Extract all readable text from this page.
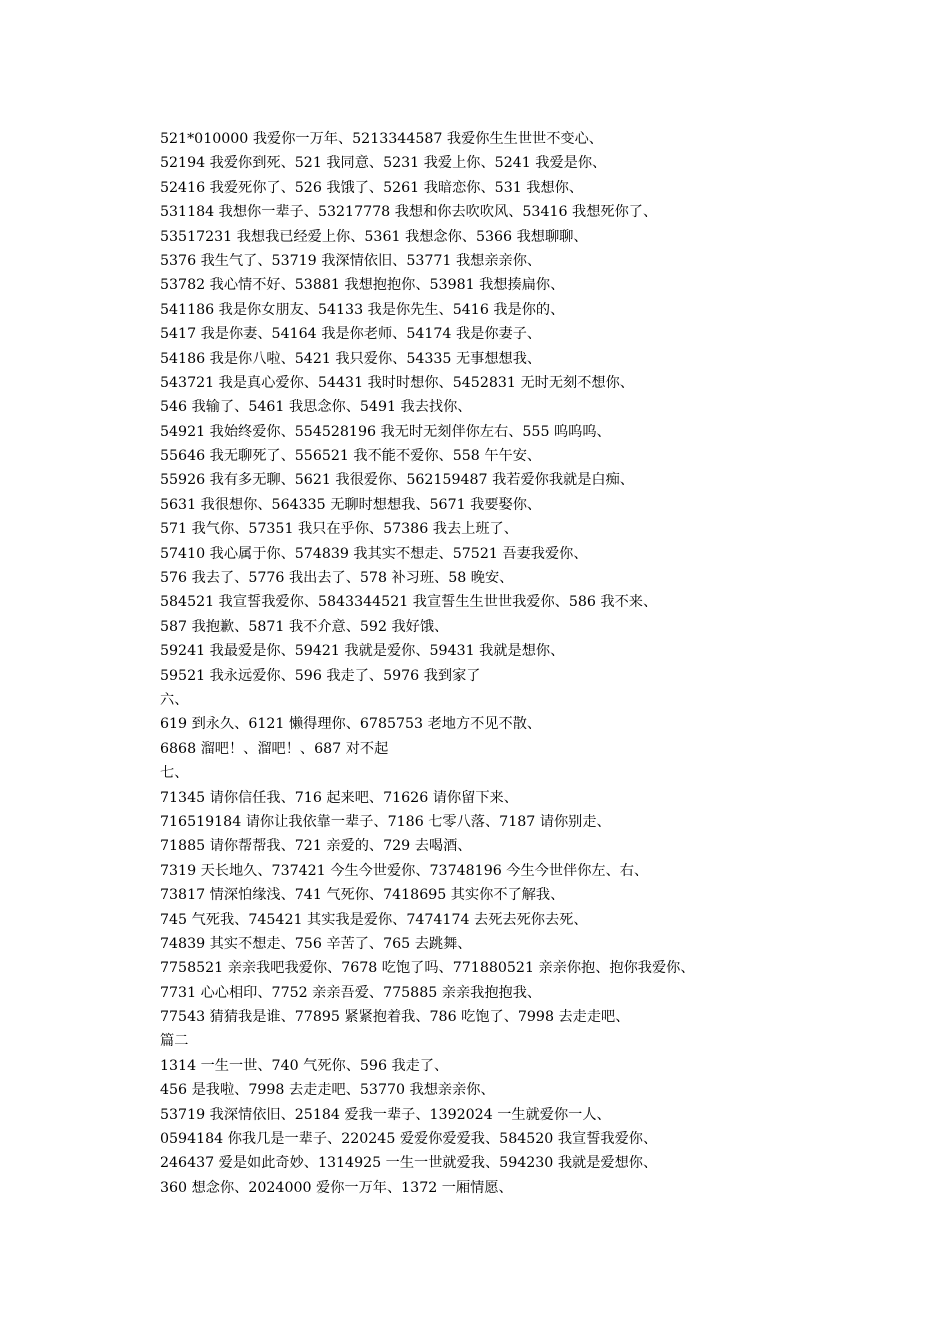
521*010000 我爱你一万年、5213344587 我爱你生生世世不变心、
52194 我爱你到死、521 我同意、5231 我爱上你、5241 我爱是你、
52416 我爱死你了、526 我饿了、5261 我暗恋你、531 我想你、
531184 我想你一辈子、53217778 我想和你去吹吹风、53416 我想死你了、
53517231 我想我已经爱上你、5361 我想念你、5366 我想聊聊、
5376 我生气了、53719 我深情依旧、53771 我想亲亲你、
53782 我心情不好、53881 我想抱抱你、53981 我想揍扁你、
541186 我是你女朋友、54133 我是你先生、5416 我是你的、
5417 我是你妻、54164 我是你老师、54174 我是你妻子、
54186 我是你八啦、5421 我只爱你、54335 无事想想我、
543721 我是真心爱你、54431 我时时想你、5452831 无时无刻不想你、
546 我输了、5461 我思念你、5491 我去找你、
54921 我始终爱你、554528196 我无时无刻伴你左右、555 呜呜呜、
55646 我无聊死了、556521 我不能不爱你、558 午午安、
55926 我有多无聊、5621 我很爱你、562159487 我若爱你我就是白痴、
5631 我很想你、564335 无聊时想想我、5671 我要娶你、
571 我气你、57351 我只在乎你、57386 我去上班了、
57410 我心属于你、574839 我其实不想走、57521 吾妻我爱你、
576 我去了、5776 我出去了、578 补习班、58 晚安、
584521 我宣誓我爱你、5843344521 我宣誓生生世世我爱你、586 我不来、
587 我抱歉、5871 我不介意、592 我好饿、
59241 我最爱是你、59421 我就是爱你、59431 我就是想你、
59521 我永远爱你、596 我走了、5976 我到家了
六、
619 到永久、6121 懒得理你、6785753 老地方不见不散、
6868 溜吧！、溜吧！、687 对不起
七、
71345 请你信任我、716 起来吧、71626 请你留下来、
716519184 请你让我依靠一辈子、7186 七零八落、7187 请你别走、
71885 请你帮帮我、721 亲爱的、729 去喝酒、
7319 天长地久、737421 今生今世爱你、73748196 今生今世伴你左、右、
73817 情深怕缘浅、741 气死你、7418695 其实你不了解我、
745 气死我、745421 其实我是爱你、7474174 去死去死你去死、
74839 其实不想走、756 辛苦了、765 去跳舞、
7758521 亲亲我吧我爱你、7678 吃饱了吗、771880521 亲亲你抱、抱你我爱你、
7731 心心相印、7752 亲亲吾爱、775885 亲亲我抱抱我、
77543 猜猜我是谁、77895 紧紧抱着我、786 吃饱了、7998 去走走吧、
篇二
1314 一生一世、740 气死你、596 我走了、
456 是我啦、7998 去走走吧、53770 我想亲亲你、
53719 我深情依旧、25184 爱我一辈子、1392024 一生就爱你一人、
0594184 你我几是一辈子、220245 爱爱你爱爱我、584520 我宣誓我爱你、
246437 爱是如此奇妙、1314925 一生一世就爱我、594230 我就是爱想你、
360 想念你、2024000 爱你一万年、1372 一厢情愿、
